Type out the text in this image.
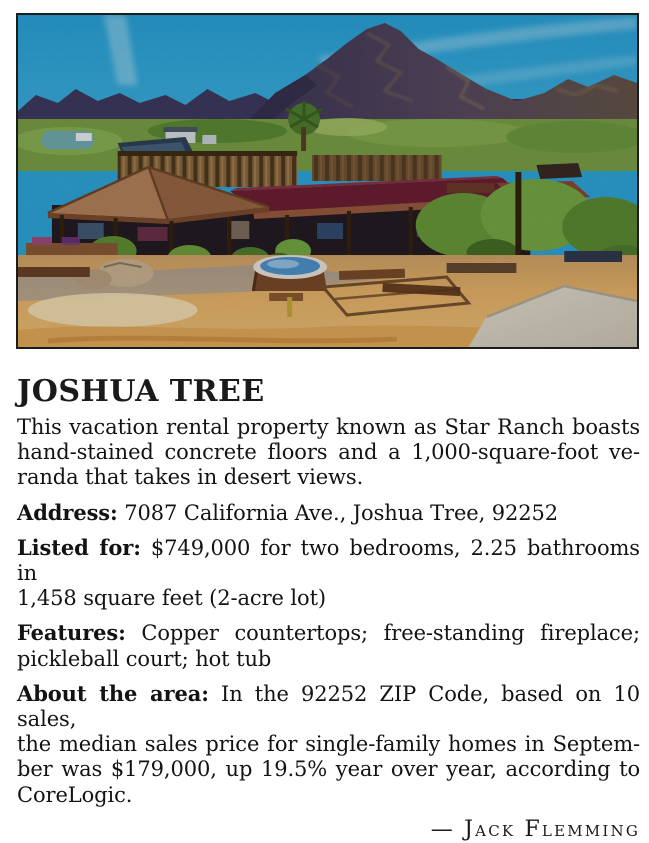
JOSHUA TREE
This vacation rental property known as Star Ranch boasts
hand-stained concrete floors and a 1,000-square-foot ve-
randa that takes in desert views.
Address: 7087 California Ave., Joshua Tree, 92252
Listed for: $749,000 for two bedrooms, 2.25 bathrooms in
1,458 square feet (2-acre lot)
Features: Copper countertops; free-standing fireplace;
pickleball court; hot tub
About the area: In the 92252 ZIP Code, based on 10 sales,
the median sales price for single-family homes in Septem-
ber was $179,000, up 19.5% year over year, according to
CoreLogic.
— Jack Flemming
